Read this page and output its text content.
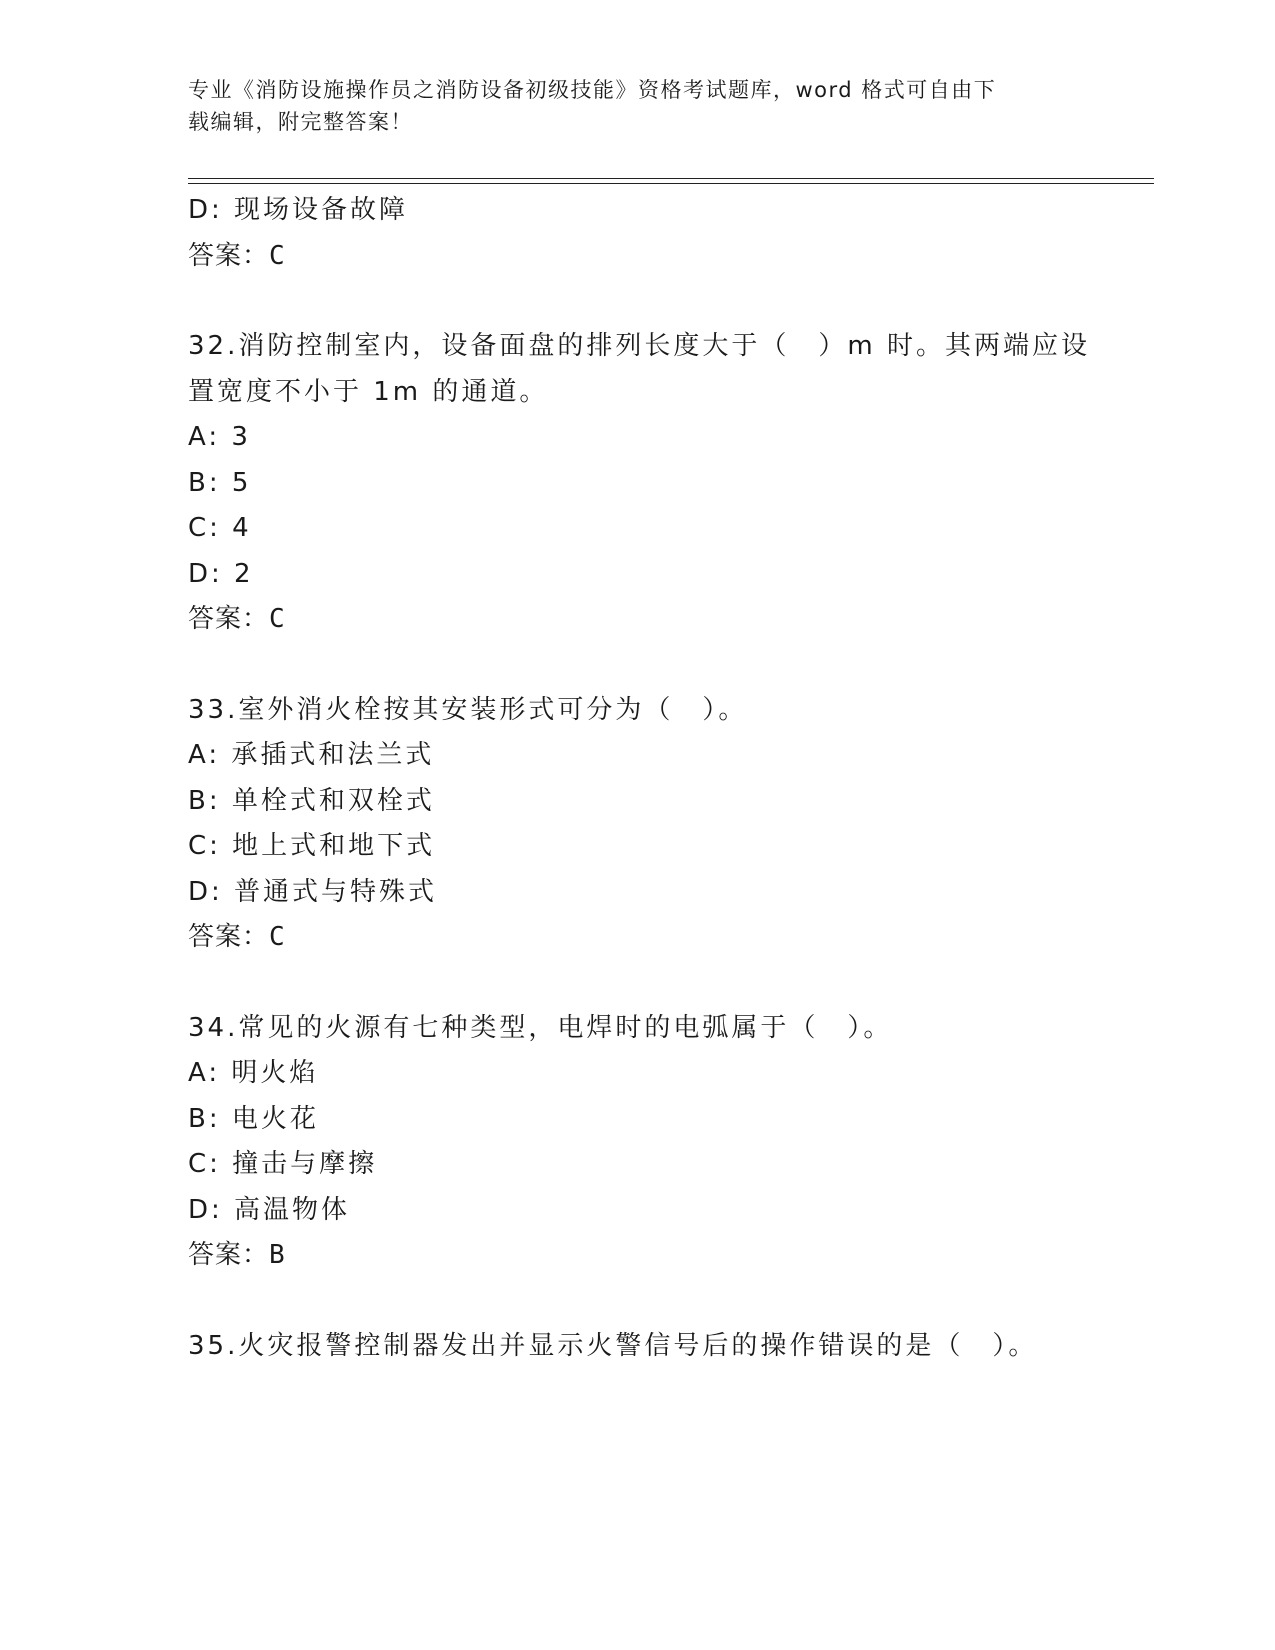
专业《消防设施操作员之消防设备初级技能》资格考试题库，word 格式可自由下
载编辑，附完整答案！
D: 现场设备故障
答案：C
32.消防控制室内，设备面盘的排列长度大于（　）m 时。其两端应设
置宽度不小于 1m 的通道。
A: 3
B: 5
C: 4
D: 2
答案：C
33.室外消火栓按其安装形式可分为（　）。
A: 承插式和法兰式
B: 单栓式和双栓式
C: 地上式和地下式
D: 普通式与特殊式
答案：C
34.常见的火源有七种类型，电焊时的电弧属于（　）。
A: 明火焰
B: 电火花
C: 撞击与摩擦
D: 高温物体
答案：B
35.火灾报警控制器发出并显示火警信号后的操作错误的是（　）。
